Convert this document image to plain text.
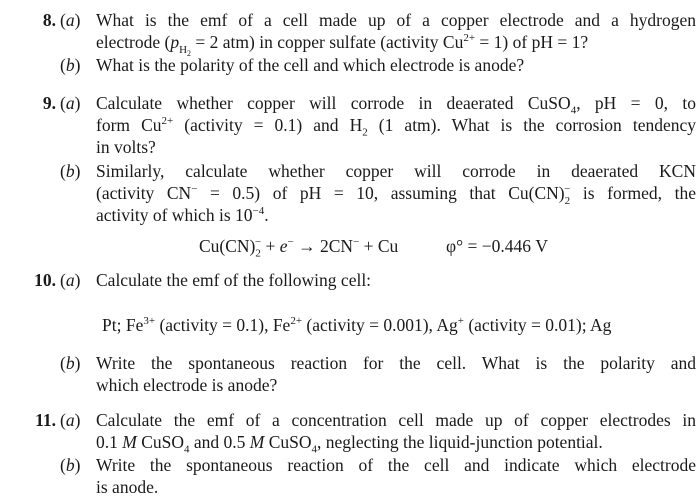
8. (a) What is the emf of a cell made up of a copper electrode and a hydrogen
electrode ($p_{H_2} = 2$ atm) in copper sulfate (activity $Cu^{2+} = 1$) of pH = 1?
(b) What is the polarity of the cell and which electrode is anode?
9. (a) Calculate whether copper will corrode in deaerated CuSO$_4$, pH = 0, to
form $Cu^{2+}$ (activity = 0.1) and $H_2$ (1 atm). What is the corrosion tendency
in volts?
(b) Similarly, calculate whether copper will corrode in deaerated KCN
(activity CN− = 0.5) of pH = 10, assuming that $Cu(CN)_2^-$ is formed, the
activity of which is $10^{-4}$.
$Cu(CN)_2^- + e^- \to 2CN^- + Cu$	φ° = −0.446 V
10. (a) Calculate the emf of the following cell:
Pt; $Fe^{3+}$ (activity = 0.1), $Fe^{2+}$ (activity = 0.001), Ag+ (activity = 0.01); Ag
(b) Write the spontaneous reaction for the cell. What is the polarity and
which electrode is anode?
11. (a) Calculate the emf of a concentration cell made up of copper electrodes in
0.1 M CuSO$_4$ and 0.5 M CuSO$_4$, neglecting the liquid-junction potential.
(b) Write the spontaneous reaction of the cell and indicate which electrode
is anode.
